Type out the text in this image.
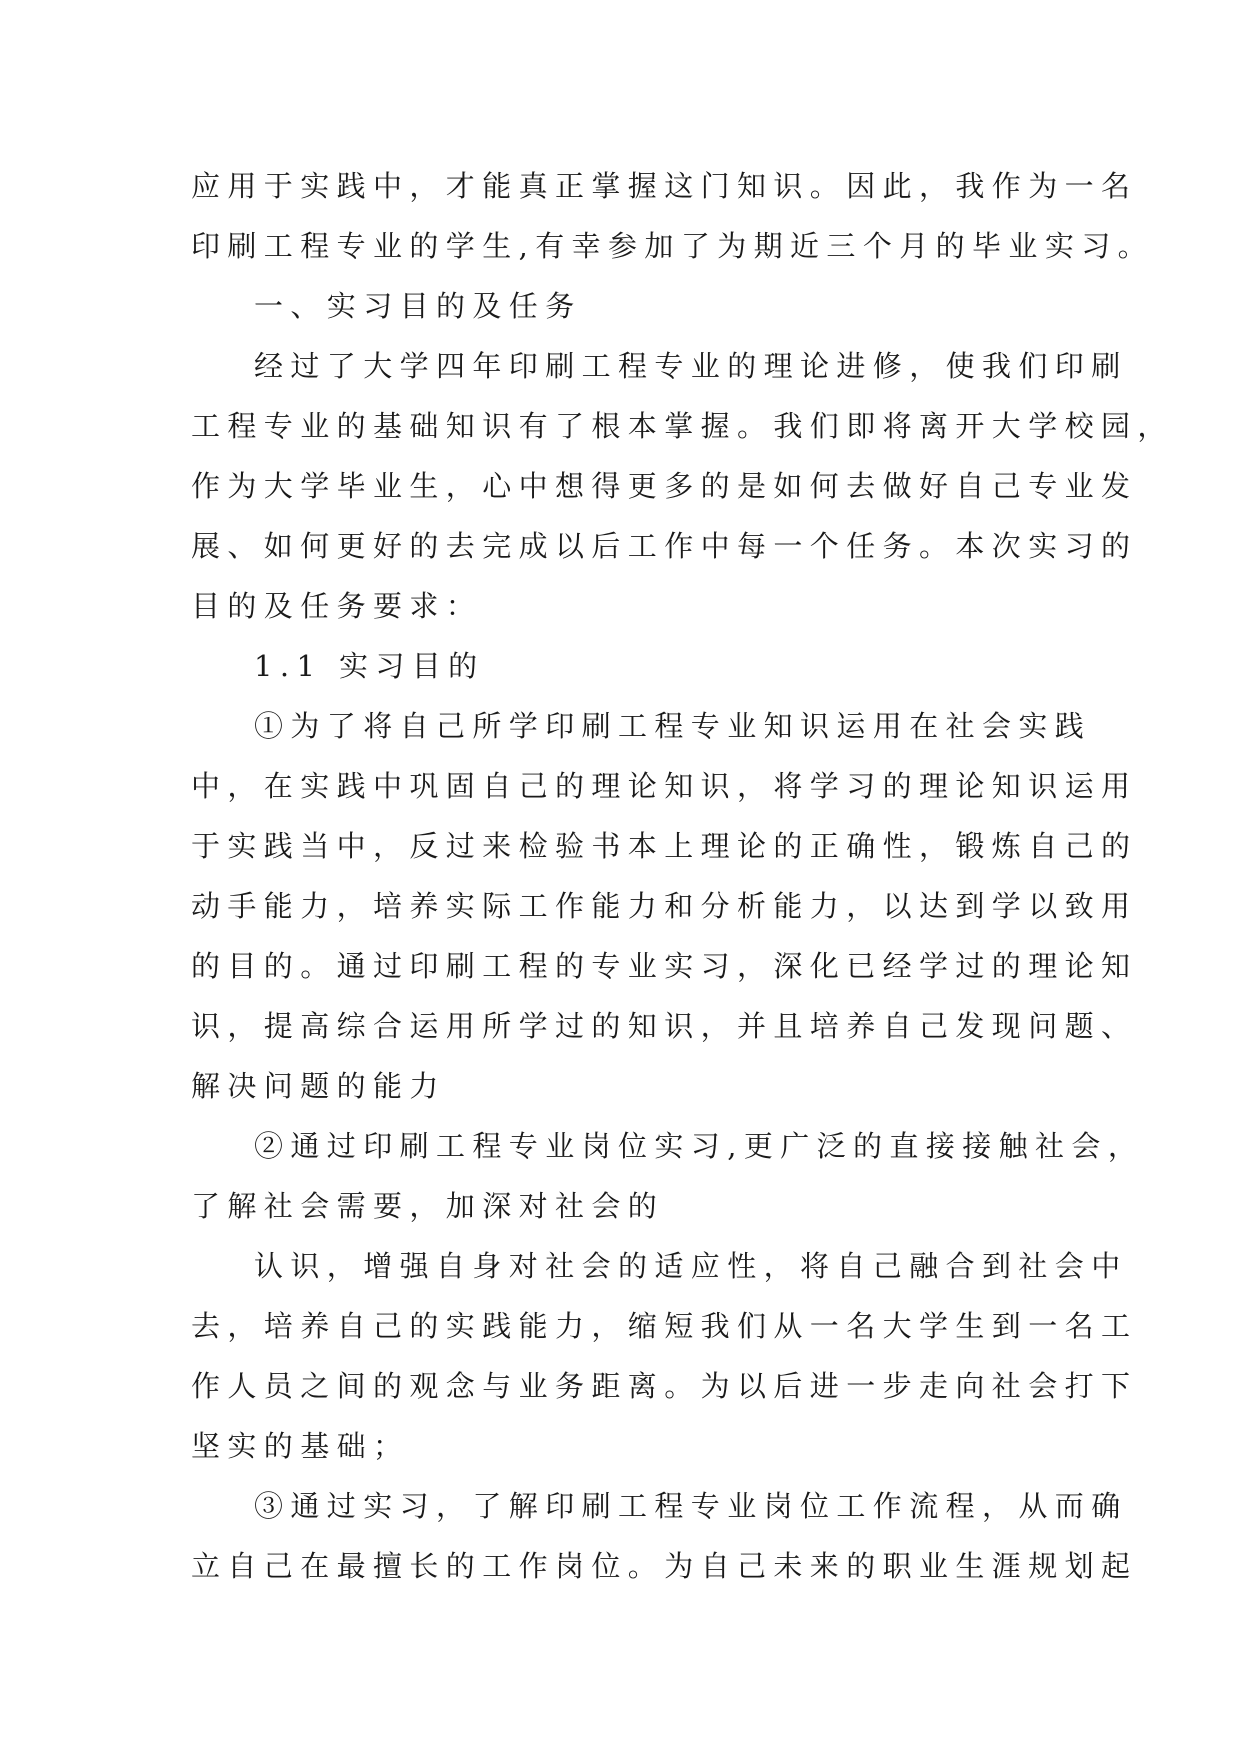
应用于实践中，才能真正掌握这门知识。因此，我作为一名
印刷工程专业的学生,有幸参加了为期近三个月的毕业实习。
一、实习目的及任务
经过了大学四年印刷工程专业的理论进修，使我们印刷
工程专业的基础知识有了根本掌握。我们即将离开大学校园，
作为大学毕业生，心中想得更多的是如何去做好自己专业发
展、如何更好的去完成以后工作中每一个任务。本次实习的
目的及任务要求：
1.1 实习目的
①为了将自己所学印刷工程专业知识运用在社会实践
中，在实践中巩固自己的理论知识，将学习的理论知识运用
于实践当中，反过来检验书本上理论的正确性，锻炼自己的
动手能力，培养实际工作能力和分析能力，以达到学以致用
的目的。通过印刷工程的专业实习，深化已经学过的理论知
识，提高综合运用所学过的知识，并且培养自己发现问题、
解决问题的能力
②通过印刷工程专业岗位实习,更广泛的直接接触社会，
了解社会需要，加深对社会的
认识，增强自身对社会的适应性，将自己融合到社会中
去，培养自己的实践能力，缩短我们从一名大学生到一名工
作人员之间的观念与业务距离。为以后进一步走向社会打下
坚实的基础；
③通过实习，了解印刷工程专业岗位工作流程，从而确
立自己在最擅长的工作岗位。为自己未来的职业生涯规划起
